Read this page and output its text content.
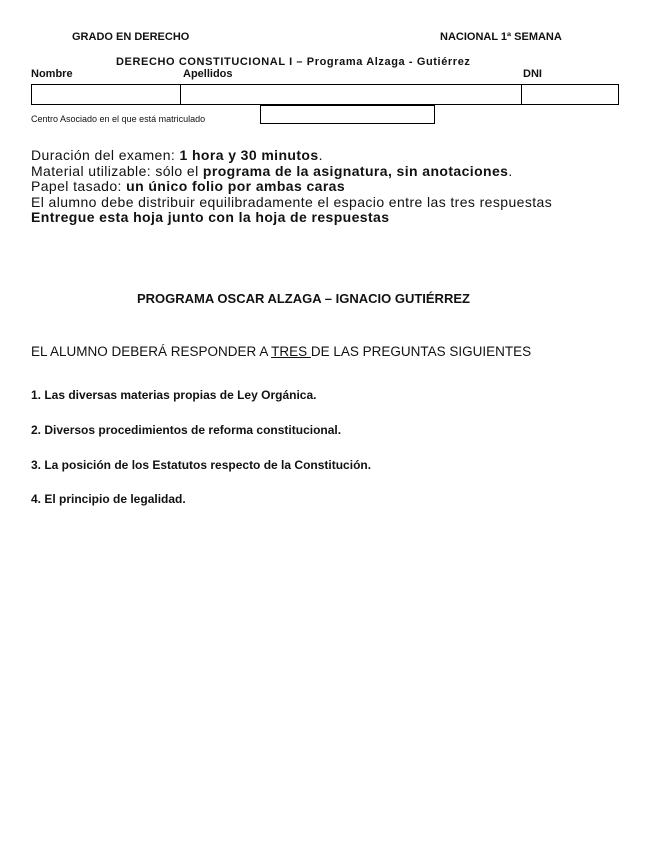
GRADO EN DERECHO	NACIONAL 1ª SEMANA
DERECHO CONSTITUCIONAL I – Programa Alzaga - Gutiérrez
Nombre	Apellidos	DNI
Centro Asociado en el que está matriculado

Duración del examen: 1 hora y 30 minutos.

Material utilizable: sólo el programa de la asignatura, sin anotaciones.

Papel tasado: un único folio por ambas caras

El alumno debe distribuir equilibradamente el espacio entre las tres respuestas

Entregue esta hoja junto con la hoja de respuestas

PROGRAMA OSCAR ALZAGA – IGNACIO GUTIÉRREZ
EL ALUMNO DEBERÁ RESPONDER A TRES DE LAS PREGUNTAS SIGUIENTES
1. Las diversas materias propias de Ley Orgánica.
2. Diversos procedimientos de reforma constitucional.
3. La posición de los Estatutos respecto de la Constitución.
4. El principio de legalidad.
